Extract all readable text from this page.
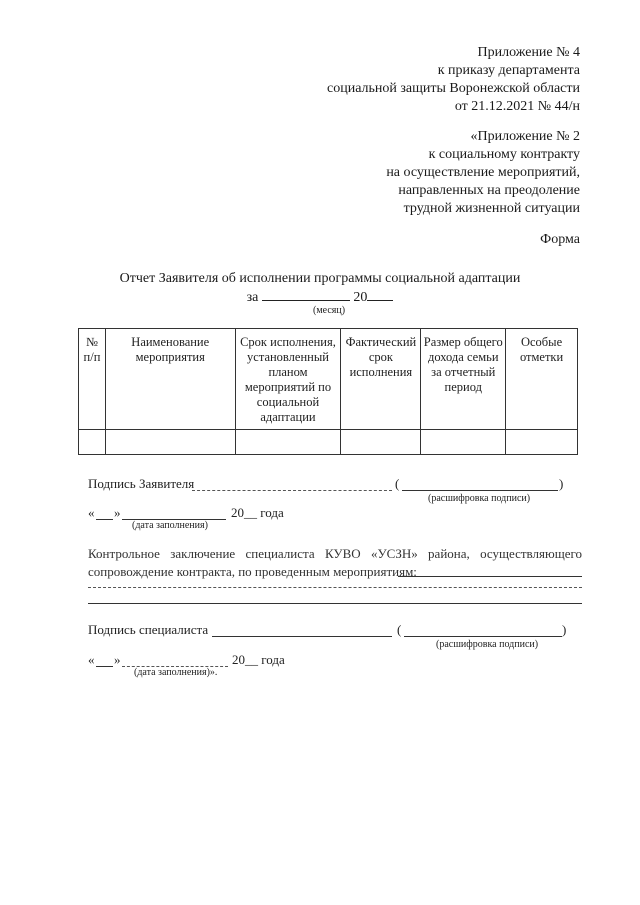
Приложение № 4
к приказу департамента
социальной защиты Воронежской области
от 21.12.2021 № 44/н
«Приложение № 2
к социальному контракту
на осуществление мероприятий,
направленных на преодоление
трудной жизненной ситуации
Форма
Отчет Заявителя об исполнении программы социальной адаптации
за	20
(месяц)
№ п/п	Наименование мероприятия	Срок исполнения, установленный планом мероприятий по социальной адаптации	Фактический срок исполнения	Размер общего дохода семьи за отчетный период	Особые отметки

Подпись Заявителя	(	)
(расшифровка подписи)
« »	20__ года
(дата заполнения)
Контрольное заключение специалиста КУВО «УСЗН» района, осуществляющего сопровождение контракта, по проведенным мероприятиям:
Подпись специалиста	(	)
(расшифровка подписи)
« »	20__ года
(дата заполнения)».
